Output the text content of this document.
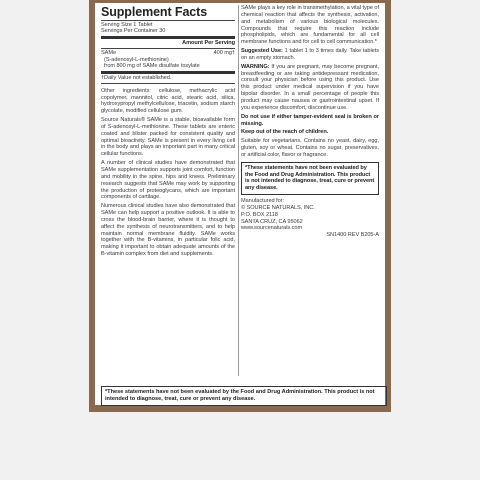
Supplement Facts
Serving Size 1 Tablet
Servings Per Container 30
Amount Per Serving
SAMe	400 mg†
(S-adenosyl-L-methionine)
from 800 mg of SAMe disulfate tosylate
†Daily Value not established.

Other ingredients: cellulose, methacrylic acid copolymer, mannitol, citric acid, stearic acid, silica, hydroxypropyl methylcellulose, triacetin, sodium starch glycolate, modified cellulose gum.

Source Naturals® SAMe is a stable, bioavailable form of S-adenosyl-L-methionine. These tablets are enteric coated and blister packed for consistent quality and optimal bioactivity. SAMe is present in every living cell in the body and plays an important part in many critical cellular functions.

A number of clinical studies have demonstrated that SAMe supplementation supports joint comfort, function and mobility in the spine, hips and knees. Preliminary research suggests that SAMe may work by supporting the production of proteoglycans, which are important components of cartilage.

Numerous clinical studies have also demonstrated that SAMe can help support a positive outlook. It is able to cross the blood-brain barrier, where it is thought to affect the synthesis of neurotransmitters, and to help maintain normal membrane fluidity. SAMe works together with the B-vitamins, in particular folic acid, making it important to obtain adequate amounts of the B-vitamin complex from diet and supplements.

SAMe plays a key role in transmethylation, a vital type of chemical reaction that affects the synthesis, activation, and metabolism of various biological molecules. Compounds that require this reaction include phospholipids, which are fundamental for all cell membrane functions and for cell to cell communication.*

Suggested Use: 1 tablet 1 to 3 times daily. Take tablets on an empty stomach.

WARNING: If you are pregnant, may become pregnant, breastfeeding or are taking antidepressant medication, consult your physician before using this product. Use this product under medical supervision if you have bipolar disorder. In a small percentage of people this product may cause nausea or gastrointestinal upset. If you experience discomfort, discontinue use.

Do not use if either tamper-evident seal is broken or missing.

Keep out of the reach of children.

Suitable for vegetarians. Contains no yeast, dairy, egg, gluten, soy or wheat. Contains no sugar, preservatives, or artificial color, flavor or fragrance.

*These statements have not been evaluated by the Food and Drug Administration. This product is not intended to diagnose, treat, cure or prevent any disease.
Manufactured for:
© SOURCE NATURALS, INC.
P.O. BOX 2118
SANTA CRUZ, CA 95062
www.sourcenaturals.com
SN1400 REV B205-A
*These statements have not been evaluated by the Food and Drug Administration. This product is not intended to diagnose, treat, cure or prevent any disease.
